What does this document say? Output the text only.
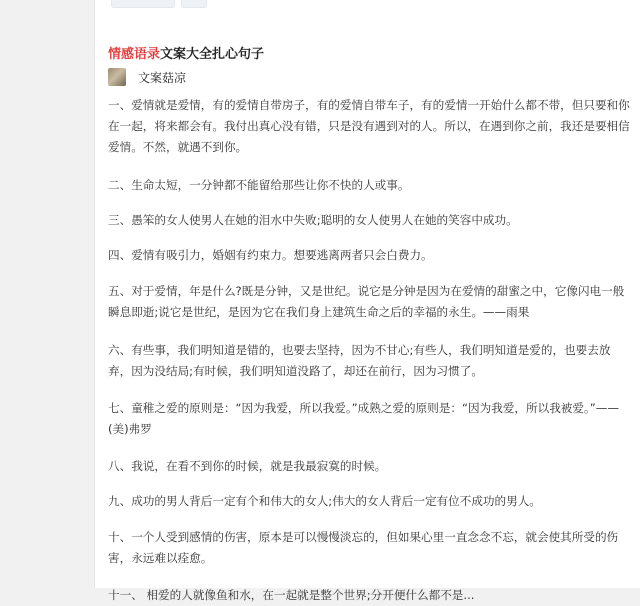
情感语录文案大全扎心句子
文案菇凉

一、爱情就是爱情，有的爱情自带房子，有的爱情自带车子，有的爱情一开始什么都不带，但只要和你在一起，将来都会有。我付出真心没有错，只是没有遇到对的人。所以，在遇到你之前，我还是要相信爱情。不然，就遇不到你。

二、生命太短，一分钟都不能留给那些让你不快的人或事。

三、愚笨的女人使男人在她的泪水中失败;聪明的女人使男人在她的笑容中成功。

四、爱情有吸引力，婚姻有约束力。想要逃离两者只会白费力。

五、对于爱情，年是什么?既是分钟，又是世纪。说它是分钟是因为在爱情的甜蜜之中，它像闪电一般瞬息即逝;说它是世纪，是因为它在我们身上建筑生命之后的幸福的永生。——雨果

六、有些事，我们明知道是错的，也要去坚持，因为不甘心;有些人，我们明知道是爱的，也要去放弃，因为没结局;有时候，我们明知道没路了，却还在前行，因为习惯了。

七、童稚之爱的原则是：“因为我爱，所以我爱。”成熟之爱的原则是：“因为我爱，所以我被爱。”——(美)弗罗

八、我说，在看不到你的时候，就是我最寂寞的时候。

九、成功的男人背后一定有个和伟大的女人;伟大的女人背后一定有位不成功的男人。

十、一个人受到感情的伤害，原本是可以慢慢淡忘的，但如果心里一直念念不忘，就会使其所受的伤害，永远难以痊愈。

十一、 相爱的人就像鱼和水，在一起就是整个世界;分开便什么都不是...
